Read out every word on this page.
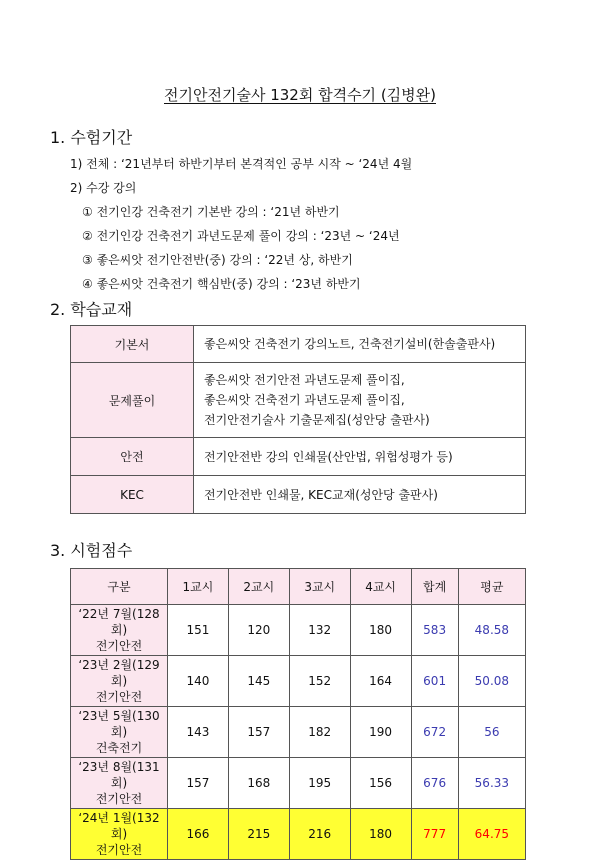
전기안전기술사 132회 합격수기 (김병완)
1. 수험기간
1) 전체 : ‘21년부터 하반기부터 본격적인 공부 시작 ~ ‘24년 4월
2) 수강 강의
① 전기인강 건축전기 기본반 강의 : ‘21년 하반기
② 전기인강 건축전기 과년도문제 풀이 강의 : ‘23년 ~ ‘24년
③ 좋은씨앗 전기안전반(중) 강의 : ‘22년 상, 하반기
④ 좋은씨앗 건축전기 핵심반(중) 강의 : ‘23년 하반기
2. 학습교재
기본서	좋은씨앗 건축전기 강의노트, 건축전기설비(한솔출판사)

문제풀이	좋은씨앗 전기안전 과년도문제 풀이집,
좋은씨앗 건축전기 과년도문제 풀이집,
전기안전기술사 기출문제집(성안당 출판사)

안전	전기안전반 강의 인쇄물(산안법, 위험성평가 등)

KEC	전기안전반 인쇄물, KEC교재(성안당 출판사)
3. 시험점수
구분	1교시	2교시	3교시	4교시	합계	평균

‘22년 7월(128회)
전기안전	151	120	132	180	583	48.58

‘23년 2월(129회)
전기안전	140	145	152	164	601	50.08

‘23년 5월(130회)
건축전기	143	157	182	190	672	56

‘23년 8월(131회)
전기안전	157	168	195	156	676	56.33

‘24년 1월(132회)
전기안전	166	215	216	180	777	64.75
